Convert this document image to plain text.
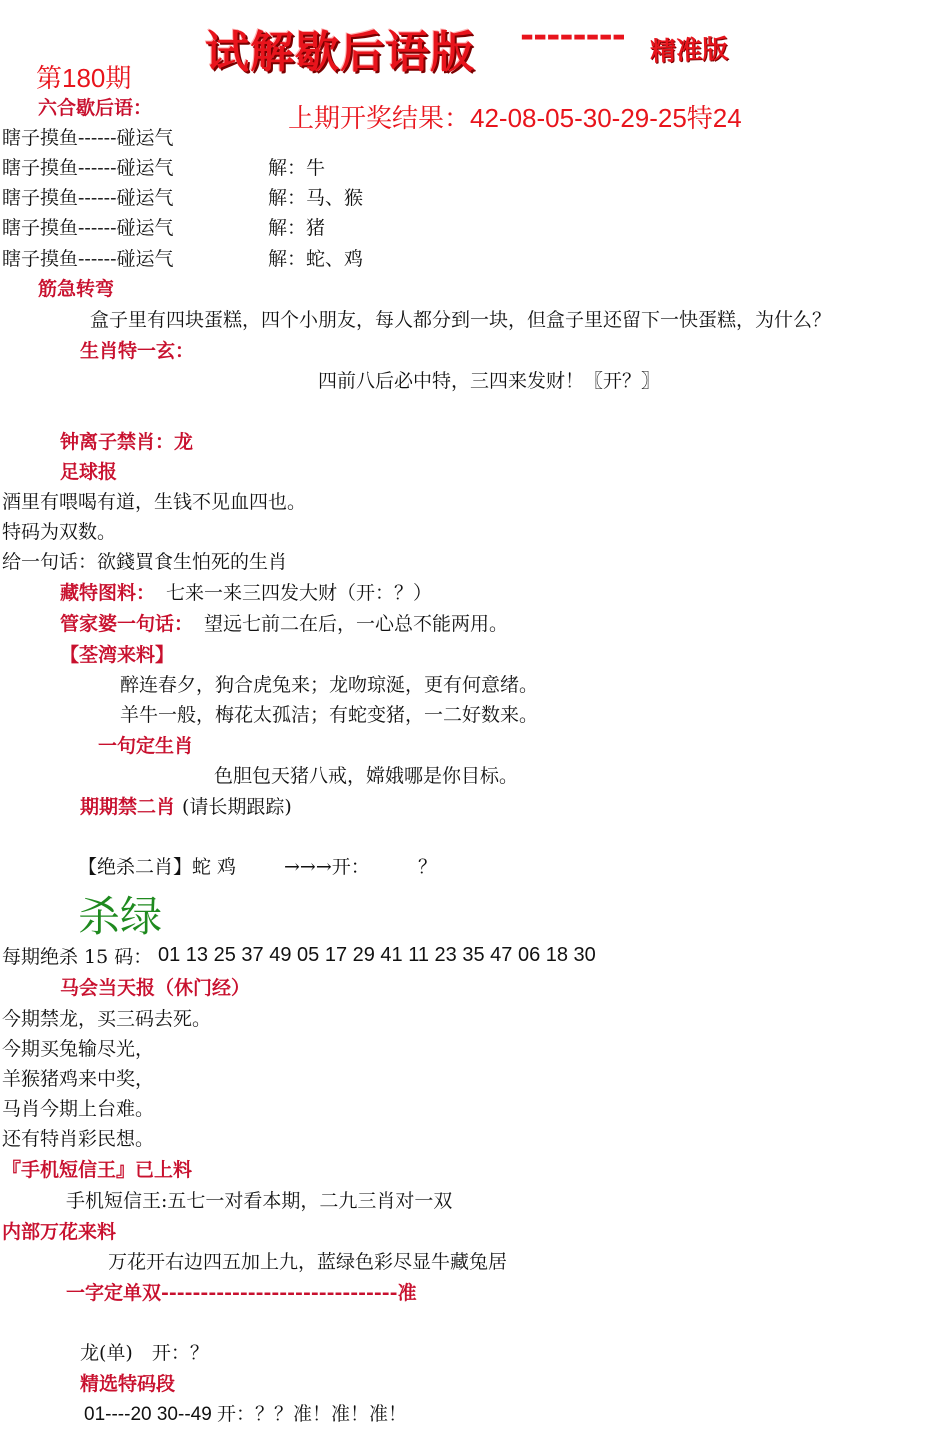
试解歇后语版 -------- 精准版
第180期
上期开奖结果：42-08-05-30-29-25特24
六合歇后语：
瞎子摸鱼------碰运气
瞎子摸鱼------碰运气	解：牛
瞎子摸鱼------碰运气	解：马、猴
瞎子摸鱼------碰运气	解：猪
瞎子摸鱼------碰运气	解：蛇、鸡
筋急转弯
盒子里有四块蛋糕，四个小朋友，每人都分到一块，但盒子里还留下一快蛋糕，为什么？
生肖特一玄：
四前八后必中特，三四来发财！〖开？〗
钟离子禁肖：龙
足球报
酒里有喂喝有道，生钱不见血四也。
特码为双数。
给一句话：欲錢買食生怕死的生肖
藏特图料： 七来一来三四发大财（开：？）
管家婆一句话： 望远七前二在后，一心总不能两用。
【荃湾来料】
醉连春夕，狗合虎兔来；龙吻琼涎，更有何意绪。
羊牛一般，梅花太孤洁；有蛇变猪，一二好数来。
一句定生肖
色胆包天猪八戒，嫦娥哪是你目标。
期期禁二肖 (请长期跟踪)
【绝杀二肖】蛇 鸡	→→→开：	？
杀绿
每期绝杀 15 码： 01 13 25 37 49 05 17 29 41 11 23 35 47 06 18 30
马会当天报（休门经）
今期禁龙，买三码去死。
今期买兔输尽光，
羊猴猪鸡来中奖，
马肖今期上台难。
还有特肖彩民想。
『手机短信王』已上料
手机短信王:五七一对看本期，二九三肖对一双
内部万花来料
万花开右边四五加上九，蓝绿色彩尽显牛藏兔居
一字定单双------------------------------准
龙(单)　开：？
精选特码段
01----20 30--49 开：？？准！准！准！
